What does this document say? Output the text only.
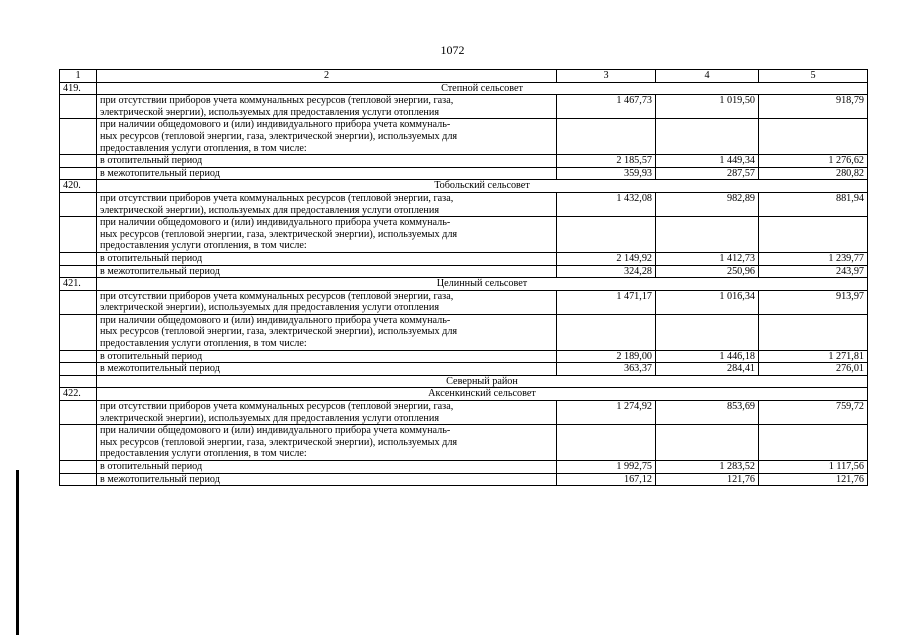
1072
1	2	3	4	5
419.	Степной сельсовет			

	при отсутствии приборов учета коммунальных ресурсов (тепловой энергии, газа,
электрической энергии), используемых для предоставления услуги отопления	1 467,73	1 019,50	918,79

	при наличии общедомового и (или) индивидуального прибора учета коммуналь-
ных ресурсов (тепловой энергии, газа, электрической энергии), используемых для
предоставления услуги отопления, в том числе:			

	в отопительный период	2 185,57	1 449,34	1 276,62
	в межотопительный период	359,93	287,57	280,82
420.	Тобольский сельсовет			

	при отсутствии приборов учета коммунальных ресурсов (тепловой энергии, газа,
электрической энергии), используемых для предоставления услуги отопления	1 432,08	982,89	881,94

	при наличии общедомового и (или) индивидуального прибора учета коммуналь-
ных ресурсов (тепловой энергии, газа, электрической энергии), используемых для
предоставления услуги отопления, в том числе:			

	в отопительный период	2 149,92	1 412,73	1 239,77
	в межотопительный период	324,28	250,96	243,97
421.	Целинный сельсовет			

	при отсутствии приборов учета коммунальных ресурсов (тепловой энергии, газа,
электрической энергии), используемых для предоставления услуги отопления	1 471,17	1 016,34	913,97

	при наличии общедомового и (или) индивидуального прибора учета коммуналь-
ных ресурсов (тепловой энергии, газа, электрической энергии), используемых для
предоставления услуги отопления, в том числе:			

	в отопительный период	2 189,00	1 446,18	1 271,81
	в межотопительный период	363,37	284,41	276,01
	Северный район			
422.	Аксенкинский сельсовет			

	при отсутствии приборов учета коммунальных ресурсов (тепловой энергии, газа,
электрической энергии), используемых для предоставления услуги отопления	1 274,92	853,69	759,72

	при наличии общедомового и (или) индивидуального прибора учета коммуналь-
ных ресурсов (тепловой энергии, газа, электрической энергии), используемых для
предоставления услуги отопления, в том числе:			

	в отопительный период	1 992,75	1 283,52	1 117,56
	в межотопительный период	167,12	121,76	121,76
